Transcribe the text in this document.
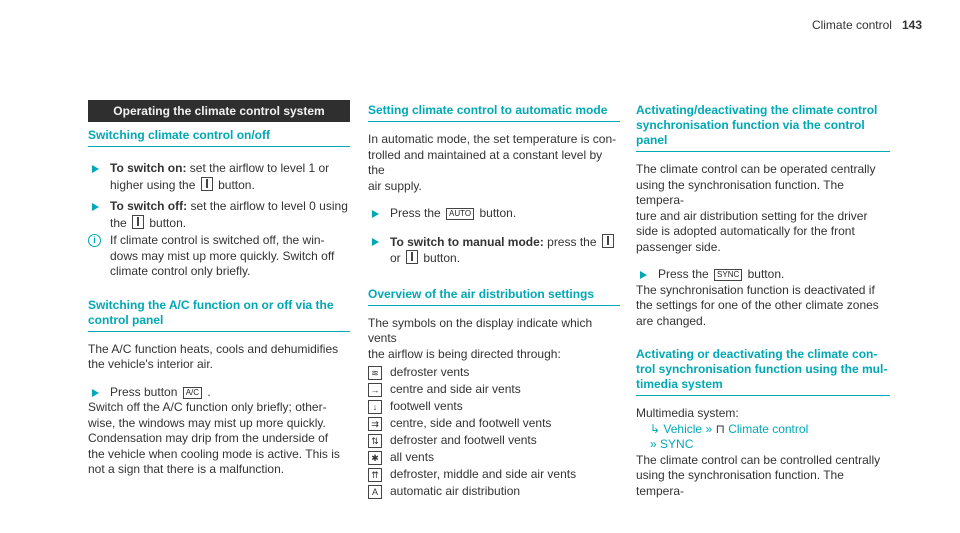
Climate control 143
Operating the climate control system
Switching climate control on/off

To switch on: set the airflow to level 1 or

higher using the button.

To switch off: set the airflow to level 0 using

the button.

i	If climate control is switched off, the win-

dows may mist up more quickly. Switch off

climate control only briefly.

Switching the A/C function on or off via the
control panel

The A/C function heats, cools and dehumidifies

the vehicle's interior air.

Press button A/C .

Switch off the A/C function only briefly; other-

wise, the windows may mist up more quickly.

Condensation may drip from the underside of

the vehicle when cooling mode is active. This is

not a sign that there is a malfunction.

Setting climate control to automatic mode

In automatic mode, the set temperature is con-

trolled and maintained at a constant level by the

air supply.

Press the AUTO button.

To switch to manual mode: press the

or button.

Overview of the air distribution settings

The symbols on the display indicate which vents

the airflow is being directed through:

≋ defroster vents
→ centre and side air vents
↓	footwell vents
⇉ centre, side and footwell vents
⇅ defroster and footwell vents
✱ all vents
⇈ defroster, middle and side air vents
A	automatic air distribution
Activating/deactivating the climate control
synchronisation function via the control
panel

The climate control can be operated centrally

using the synchronisation function. The tempera-

ture and air distribution setting for the driver

side is adopted automatically for the front

passenger side.

Press the SYNC button.

The synchronisation function is deactivated if

the settings for one of the other climate zones

are changed.

Activating or deactivating the climate con-
trol synchronisation function using the mul-
timedia system

Multimedia system:

↳ Vehicle » ⊓ Climate control
» SYNC

The climate control can be controlled centrally

using the synchronisation function. The tempera-
